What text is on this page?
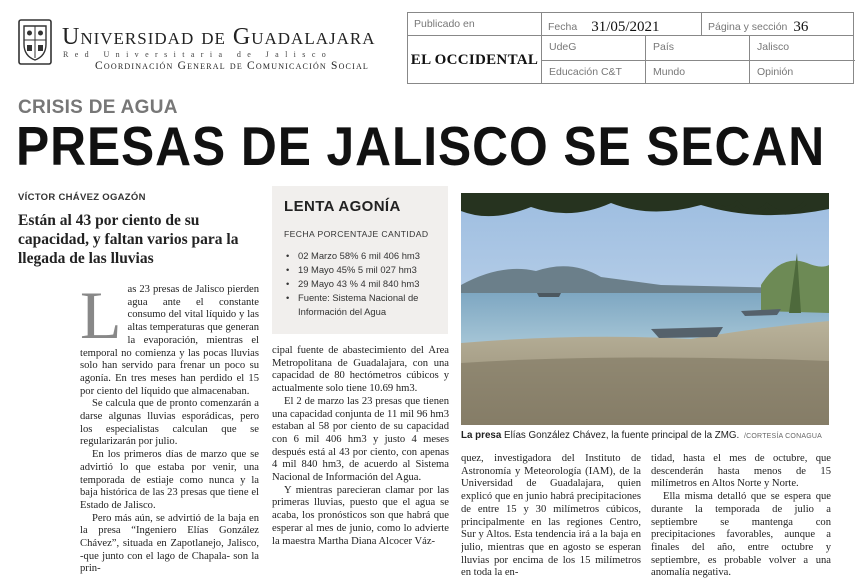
Universidad de Guadalajara
Red Universitaria de Jalisco
Coordinación General de Comunicación Social
Publicado en	Fecha 31/05/2021	Página y sección 36
EL OCCIDENTAL
UdeG	País	Jalisco
Educación C&T	Mundo	Opinión
CRISIS DE AGUA
PRESAS DE JALISCO SE SECAN
VÍCTOR CHÁVEZ OGAZÓN
Están al 43 por ciento de su capacidad, y faltan varios para la llegada de las lluvias
L as 23 presas de Jalisco pierden agua ante el constante consumo del vital líquido y las altas temperaturas que generan la evaporación, mientras el temporal no comienza y las pocas lluvias solo han servido para frenar un poco su agonía. En tres meses han perdido el 15 por ciento del líquido que almacenaban.

Se calcula que de pronto comenzarán a darse algunas lluvias esporádicas, pero los especialistas calculan que se regularizarán por julio.

En los primeros días de marzo que se advirtió lo que estaba por venir, una temporada de estiaje como nunca y la baja histórica de las 23 presas que tiene el Estado de Jalisco.

Pero más aún, se advirtió de la baja en la presa “Ingeniero Elías González Chávez”, situada en Zapotlanejo, Jalisco, -que junto con el lago de Chapala- son la prin-

LENTA AGONÍA
FECHA PORCENTAJE CANTIDAD
• 02 Marzo 58% 6 mil 406 hm3
• 19 Mayo 45% 5 mil 027 hm3
• 29 Mayo 43 % 4 mil 840 hm3
• Fuente: Sistema Nacional de Información del Agua

cipal fuente de abastecimiento del Área Metropolitana de Guadalajara, con una capacidad de 80 hectómetros cúbicos y actualmente solo tiene 10.69 hm3.

El 2 de marzo las 23 presas que tienen una capacidad conjunta de 11 mil 96 hm3 estaban al 58 por ciento de su capacidad con 6 mil 406 hm3 y justo 4 meses después está al 43 por ciento, con apenas 4 mil 840 hm3, de acuerdo al Sistema Nacional de Información del Agua.

Y mientras parecieran clamar por las primeras lluvias, puesto que el agua se acaba, los pronósticos son que habrá que esperar al mes de junio, como lo advierte la maestra Martha Diana Alcocer Váz-

quez, investigadora del Instituto de Astronomía y Meteorología (IAM), de la Universidad de Guadalajara, quien explicó que en junio habrá precipitaciones de entre 15 y 30 milímetros cúbicos, principalmente en las regiones Centro, Sur y Altos. Esta tendencia irá a la baja en julio, mientras que en agosto se esperan lluvias por encima de los 15 milímetros en toda la en-

tidad, hasta el mes de octubre, que descenderán hasta menos de 15 milímetros en Altos Norte y Norte.

Ella misma detalló que se espera que durante la temporada de julio a septiembre se mantenga con precipitaciones favorables, aunque a finales del año, entre octubre y septiembre, es probable volver a una anomalía negativa.

La presa Elías González Chávez, la fuente principal de la ZMG. /CORTESÍA CONAGUA
